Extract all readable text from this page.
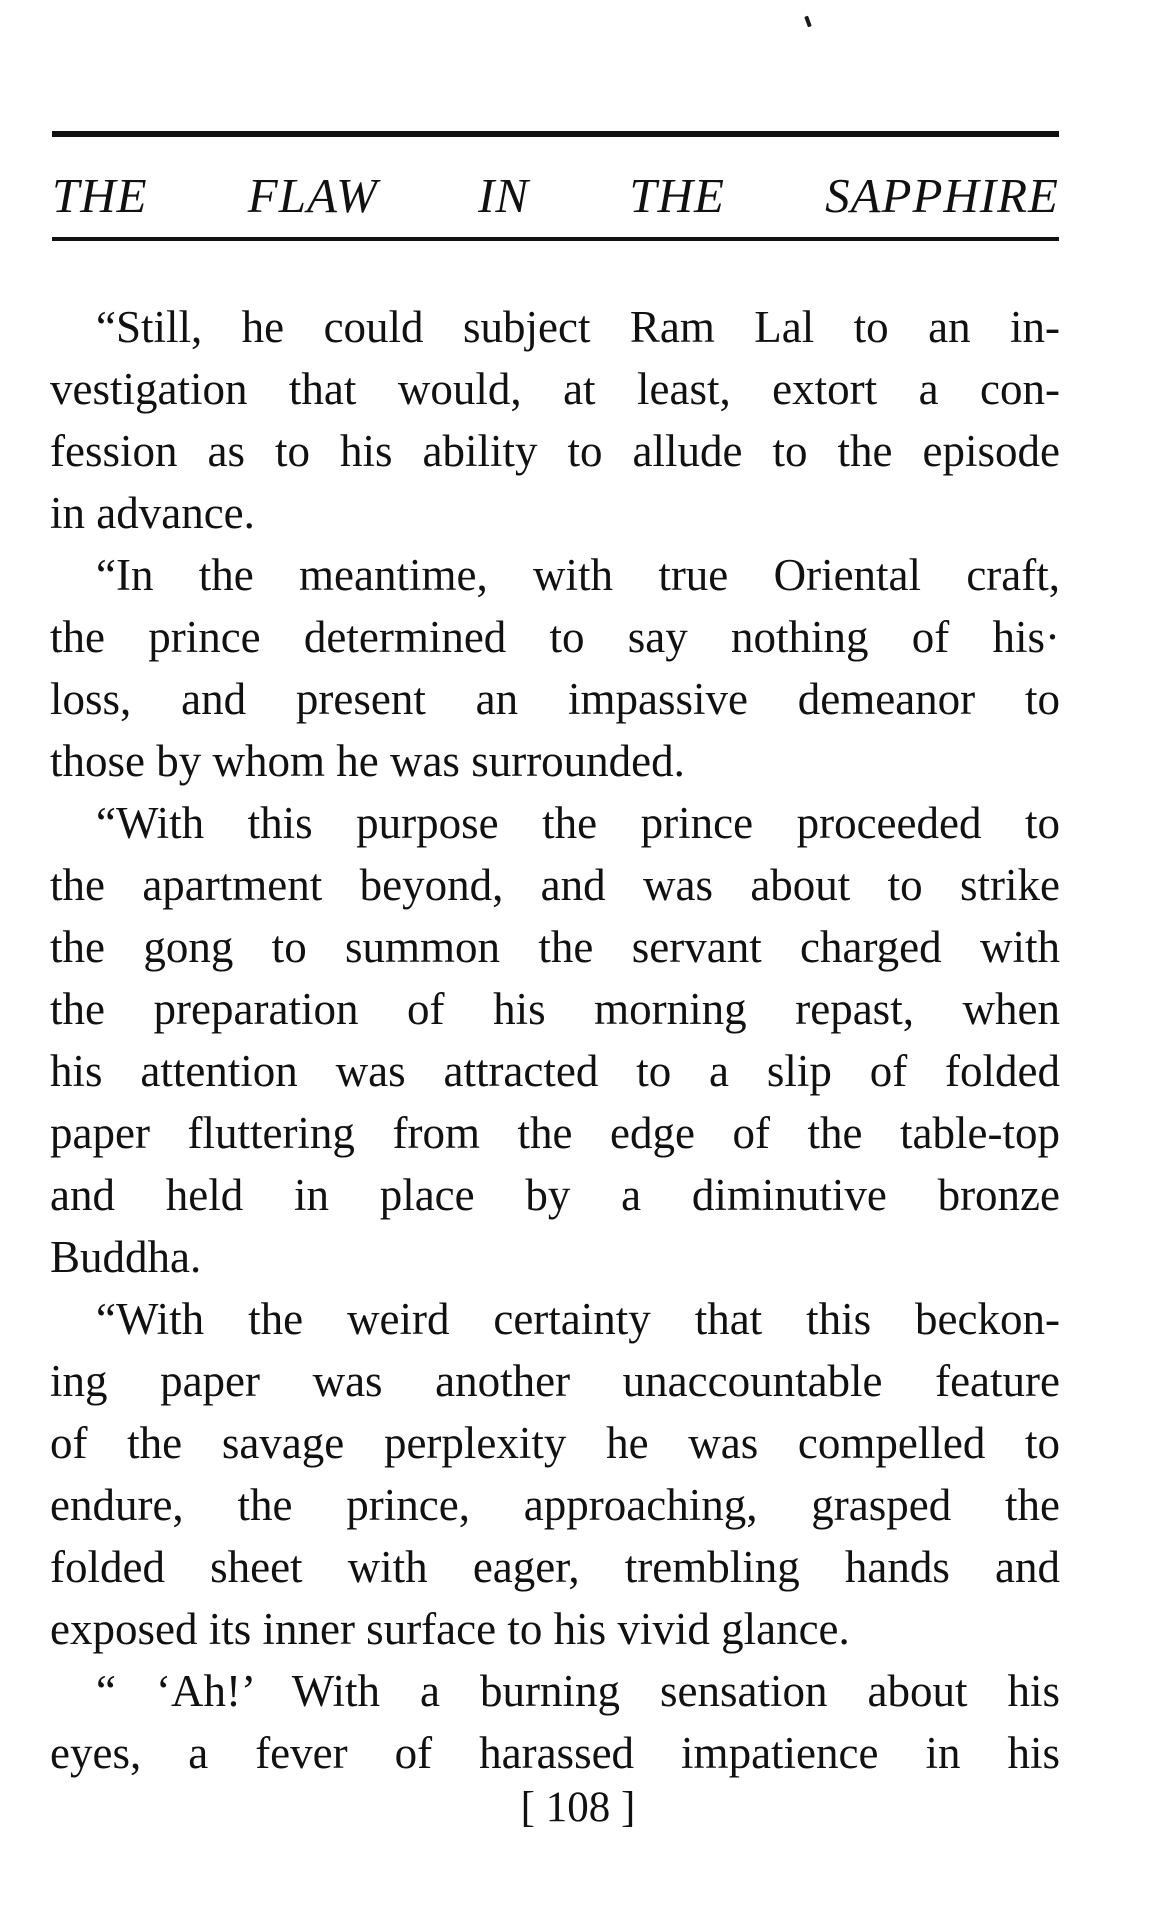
THE FLAW IN THE SAPPHIRE
“Still, he could subject Ram Lal to an in-
vestigation that would, at least, extort a con-
fession as to his ability to allude to the episode
in advance.
“In the meantime, with true Oriental craft,
the prince determined to say nothing of his·
loss, and present an impassive demeanor to
those by whom he was surrounded.
“With this purpose the prince proceeded to
the apartment beyond, and was about to strike
the gong to summon the servant charged with
the preparation of his morning repast, when
his attention was attracted to a slip of folded
paper fluttering from the edge of the table-top
and held in place by a diminutive bronze
Buddha.
“With the weird certainty that this beckon-
ing paper was another unaccountable feature
of the savage perplexity he was compelled to
endure, the prince, approaching, grasped the
folded sheet with eager, trembling hands and
exposed its inner surface to his vivid glance.
“ ‘Ah!’ With a burning sensation about his
eyes, a fever of harassed impatience in his
[ 108 ]
